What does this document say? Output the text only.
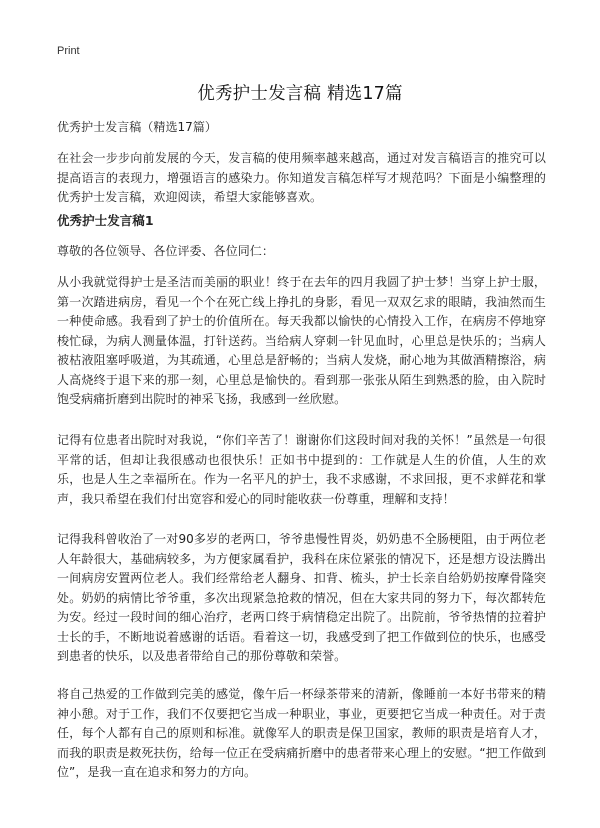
Print
优秀护士发言稿 精选17篇

优秀护士发言稿（精选17篇）

在社会一步步向前发展的今天，发言稿的使用频率越来越高，通过对发言稿语言的推究可以提高语言的表现力，增强语言的感染力。你知道发言稿怎样写才规范吗？下面是小编整理的优秀护士发言稿，欢迎阅读，希望大家能够喜欢。

优秀护士发言稿1

尊敬的各位领导、各位评委、各位同仁：

从小我就觉得护士是圣洁而美丽的职业！终于在去年的四月我圆了护士梦！当穿上护士服，第一次踏进病房，看见一个个在死亡线上挣扎的身影，看见一双双乞求的眼睛，我油然而生一种使命感。我看到了护士的价值所在。每天我都以愉快的心情投入工作，在病房不停地穿梭忙碌，为病人测量体温，打针送药。当给病人穿刺一针见血时，心里总是快乐的；当病人被枯液阻塞呼吸道，为其疏通，心里总是舒畅的；当病人发烧，耐心地为其做酒精擦浴，病人高烧终于退下来的那一刻，心里总是愉快的。看到那一张张从陌生到熟悉的脸，由入院时饱受病痛折磨到出院时的神采飞扬，我感到一丝欣慰。

记得有位患者出院时对我说，“你们辛苦了！谢谢你们这段时间对我的关怀！”虽然是一句很平常的话，但却让我很感动也很快乐！正如书中提到的：工作就是人生的价值，人生的欢乐，也是人生之幸福所在。作为一名平凡的护士，我不求感谢，不求回报，更不求鲜花和掌声，我只希望在我们付出宽容和爱心的同时能收获一份尊重，理解和支持！

记得我科曾收治了一对90多岁的老两口，爷爷患慢性胃炎，奶奶患不全肠梗阻，由于两位老人年龄很大，基础病较多，为方便家属看护，我科在床位紧张的情况下，还是想方设法腾出一间病房安置两位老人。我们经常给老人翻身、扣背、梳头，护士长亲自给奶奶按摩骨隆突处。奶奶的病情比爷爷重，多次出现紧急抢救的情况，但在大家共同的努力下，每次都转危为安。经过一段时间的细心治疗，老两口终于病情稳定出院了。出院前，爷爷热情的拉着护士长的手，不断地说着感谢的话语。看着这一切，我感受到了把工作做到位的快乐，也感受到患者的快乐，以及患者带给自己的那份尊敬和荣誉。

将自己热爱的工作做到完美的感觉，像午后一杯绿茶带来的清新，像睡前一本好书带来的精神小憩。对于工作，我们不仅要把它当成一种职业，事业，更要把它当成一种责任。对于责任，每个人都有自己的原则和标准。就像军人的职责是保卫国家，教师的职责是培育人才，而我的职责是救死扶伤，给每一位正在受病痛折磨中的患者带来心理上的安慰。“把工作做到位”，是我一直在追求和努力的方向。
